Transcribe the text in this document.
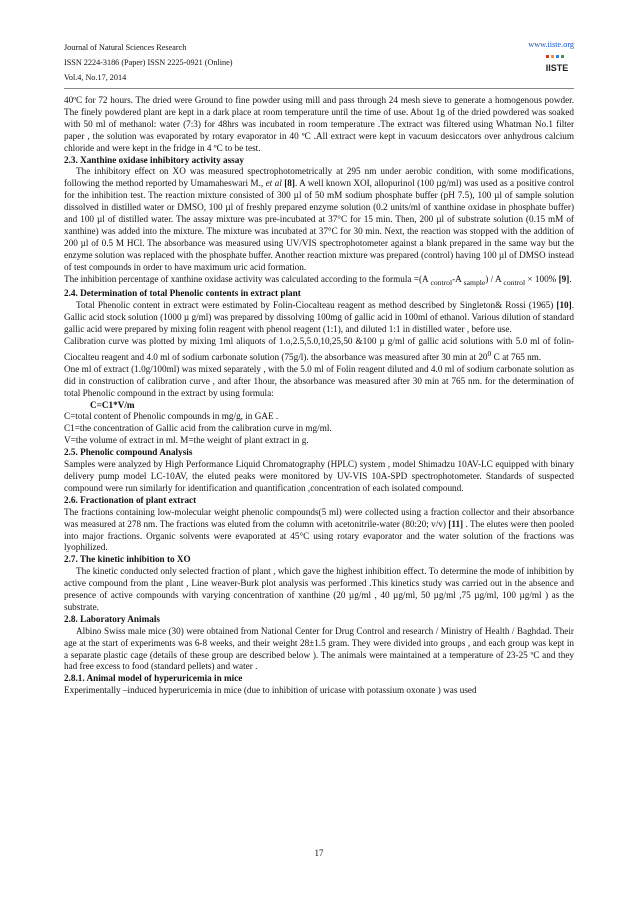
Journal of Natural Sciences Research
ISSN 2224-3186 (Paper) ISSN 2225-0921 (Online)
Vol.4, No.17, 2014
www.iiste.org
IISTE

40ºC for 72 hours. The dried were Ground to fine powder using mill and pass through 24 mesh sieve to generate a homogenous powder. The finely powdered plant are kept in a dark place at room temperature until the time of use. About 1g of the dried powdered was soaked with 50 ml of methanol: water (7:3) for 48hrs was incubated in room temperature .The extract was filtered using Whatman No.1 filter paper , the solution was evaporated by rotary evaporator in 40 ºC .All extract were kept in vacuum desiccators over anhydrous calcium chloride and were kept in the fridge in 4 ºC to be test.

2.3. Xanthine oxidase inhibitory activity assay

The inhibitory effect on XO was measured spectrophotometrically at 295 nm under aerobic condition, with some modifications, following the method reported by Umamaheswari M., et al [8]. A well known XOI, allopurinol (100 µg/ml) was used as a positive control for the inhibition test. The reaction mixture consisted of 300 µl of 50 mM sodium phosphate buffer (pH 7.5), 100 µl of sample solution dissolved in distilled water or DMSO, 100 µl of freshly prepared enzyme solution (0.2 units/ml of xanthine oxidase in phosphate buffer) and 100 µl of distilled water. The assay mixture was pre-incubated at 37°C for 15 min. Then, 200 µl of substrate solution (0.15 mM of xanthine) was added into the mixture. The mixture was incubated at 37°C for 30 min. Next, the reaction was stopped with the addition of 200 µl of 0.5 M HCl. The absorbance was measured using UV/VIS spectrophotometer against a blank prepared in the same way but the enzyme solution was replaced with the phosphate buffer. Another reaction mixture was prepared (control) having 100 µl of DMSO instead of test compounds in order to have maximum uric acid formation.

The inhibition percentage of xanthine oxidase activity was calculated according to the formula =(A $_{control}$-A $_{sample}$) / A $_{control}$ × 100% [9].

2.4. Determination of total Phenolic contents in extract plant

Total Phenolic content in extract were estimated by Folin-Ciocalteau reagent as method described by Singleton& Rossi (1965) [10]. Gallic acid stock solution (1000 µ g/ml) was prepared by dissolving 100mg of gallic acid in 100ml of ethanol. Various dilution of standard gallic acid were prepared by mixing folin reagent with phenol reagent (1:1), and diluted 1:1 in distilled water , before use.

Calibration curve was plotted by mixing 1ml aliquots of 1.o,2.5,5.0,10,25,50 &100 µ g/ml of gallic acid solutions with 5.0 ml of folin-Ciocalteu reagent and 4.0 ml of sodium carbonate solution (75g/l). the absorbance was measured after 30 min at $20^0$ C at 765 nm.

One ml of extract (1.0g/100ml) was mixed separately , with the 5.0 ml of Folin reagent diluted and 4.0 ml of sodium carbonate solution as did in construction of calibration curve , and after 1hour, the absorbance was measured after 30 min at 765 nm. for the determination of total Phenolic compound in the extract by using formula:

C=C1*V/m

C=total content of Phenolic compounds in mg/g, in GAE .

C1=the concentration of Gallic acid from the calibration curve in mg/ml.

V=the volume of extract in ml. M=the weight of plant extract in g.

2.5. Phenolic compound Analysis

Samples were analyzed by High Performance Liquid Chromatography (HPLC) system , model Shimadzu 10AV-LC equipped with binary delivery pump model LC-10AV, the eluted peaks were monitored by UV-VIS 10A-SPD spectrophotometer. Standards of suspected compound were run similarly for identification and quantification ,concentration of each isolated compound.

2.6. Fractionation of plant extract

The fractions containing low-molecular weight phenolic compounds(5 ml) were collected using a fraction collector and their absorbance was measured at 278 nm. The fractions was eluted from the column with acetonitrile-water (80:20; v/v) [11] . The elutes were then pooled into major fractions. Organic solvents were evaporated at 45°C using rotary evaporator and the water solution of the fractions was lyophilized.

2.7. The kinetic inhibition to XO

The kinetic conducted only selected fraction of plant , which gave the highest inhibition effect. To determine the mode of inhibition by active compound from the plant , Line weaver-Burk plot analysis was performed .This kinetics study was carried out in the absence and presence of active compounds with varying concentration of xanthine (20 µg/ml , 40 µg/ml, 50 µg/ml ,75 µg/ml, 100 µg/ml ) as the substrate.

2.8. Laboratory Animals

Albino Swiss male mice (30) were obtained from National Center for Drug Control and research / Ministry of Health / Baghdad. Their age at the start of experiments was 6-8 weeks, and their weight 28±1.5 gram. They were divided into groups , and each group was kept in a separate plastic cage (details of these group are described below ). The animals were maintained at a temperature of 23-25 ºC and they had free excess to food (standard pellets) and water .

2.8.1. Animal model of hyperuricemia in mice

Experimentally –induced hyperuricemia in mice (due to inhibition of uricase with potassium oxonate ) was used

17
